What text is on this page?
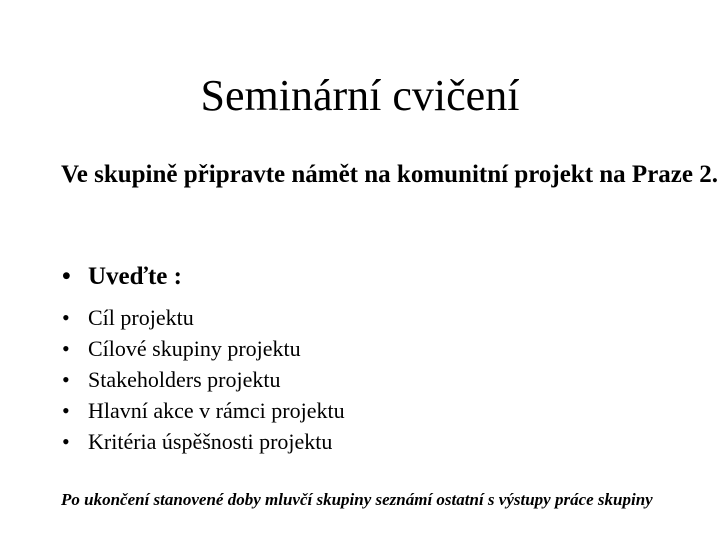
Seminární cvičení

Ve skupině připravte námět na komunitní projekt na Praze 2.

• Uveďte :
• Cíl projektu
• Cílové skupiny projektu
• Stakeholders projektu
• Hlavní akce v rámci projektu
• Kritéria úspěšnosti projektu

Po ukončení stanovené doby mluvčí skupiny seznámí ostatní s výstupy práce skupiny
